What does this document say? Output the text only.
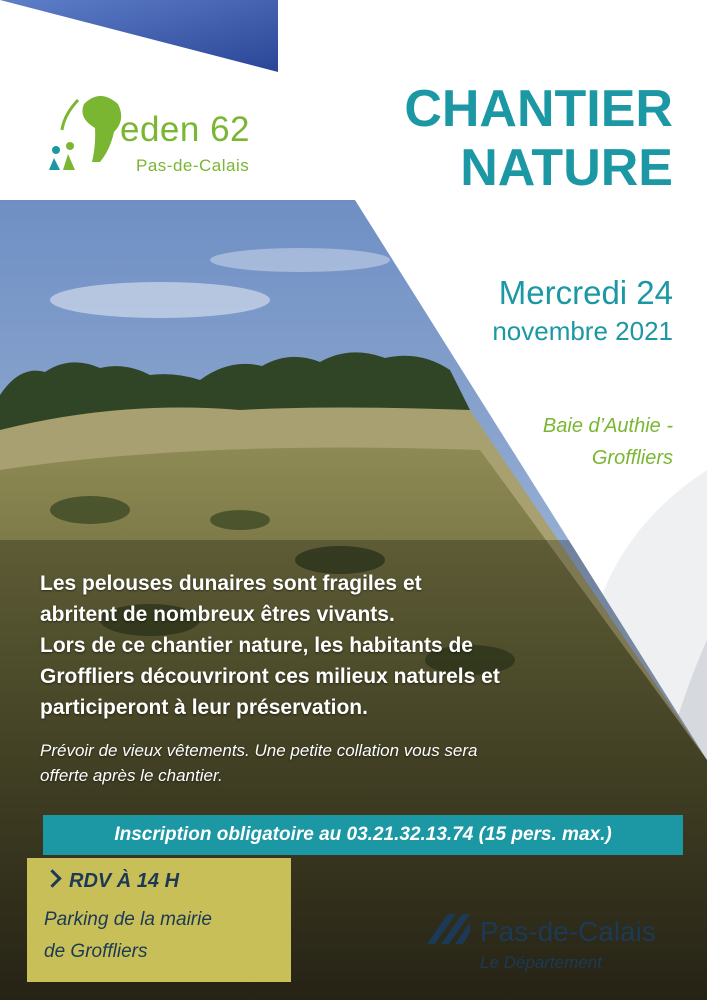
eden 62
Pas-de-Calais
CHANTIER
NATURE
Mercredi 24
novembre 2021
Baie d’Authie -
Groffliers
Les pelouses dunaires sont fragiles et
abritent de nombreux êtres vivants.
Lors de ce chantier nature, les habitants de
Groffliers découvriront ces milieux naturels et
participeront à leur préservation.
Prévoir de vieux vêtements. Une petite collation vous sera
offerte après le chantier.
Inscription obligatoire au 03.21.32.13.74 (15 pers. max.)
RDV À 14 H
Parking de la mairie
de Groffliers
Pas-de-Calais
Le Département
